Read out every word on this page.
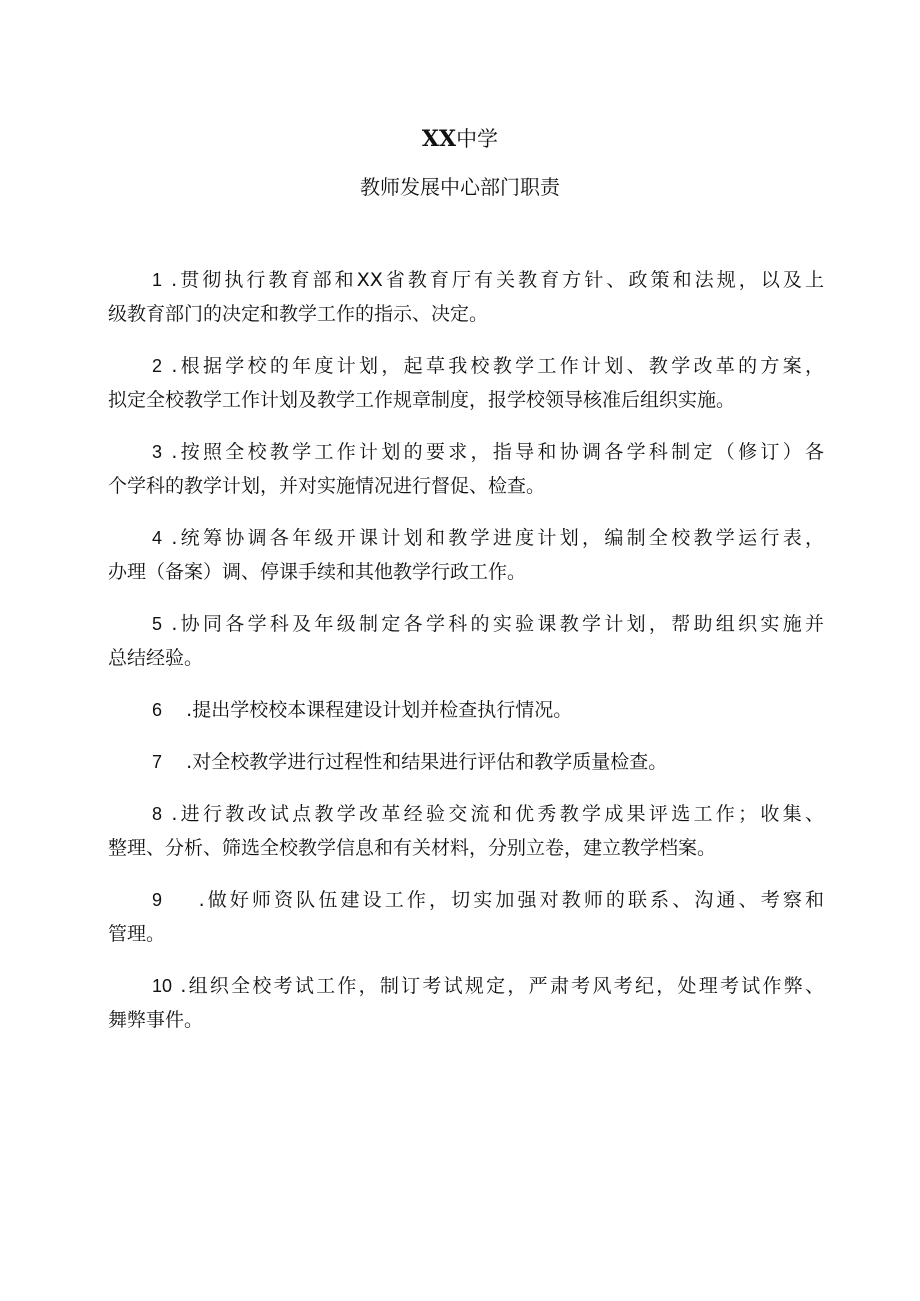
XX中学
教师发展中心部门职责
1 .贯彻执行教育部和XX省教育厅有关教育方针、政策和法规，以及上
级教育部门的决定和教学工作的指示、决定。
2 .根据学校的年度计划，起草我校教学工作计划、教学改革的方案，
拟定全校教学工作计划及教学工作规章制度，报学校领导核准后组织实施。
3 .按照全校教学工作计划的要求，指导和协调各学科制定（修订）各
个学科的教学计划，并对实施情况进行督促、检查。
4 .统筹协调各年级开课计划和教学进度计划，编制全校教学运行表，
办理（备案）调、停课手续和其他教学行政工作。
5 .协同各学科及年级制定各学科的实验课教学计划，帮助组织实施并
总结经验。
6    .提出学校校本课程建设计划并检查执行情况。
7    .对全校教学进行过程性和结果进行评估和教学质量检查。
8 .进行教改试点教学改革经验交流和优秀教学成果评选工作；收集、
整理、分析、筛选全校教学信息和有关材料，分别立卷，建立教学档案。
9    .做好师资队伍建设工作，切实加强对教师的联系、沟通、考察和
管理。
10 .组织全校考试工作，制订考试规定，严肃考风考纪，处理考试作弊、
舞弊事件。
